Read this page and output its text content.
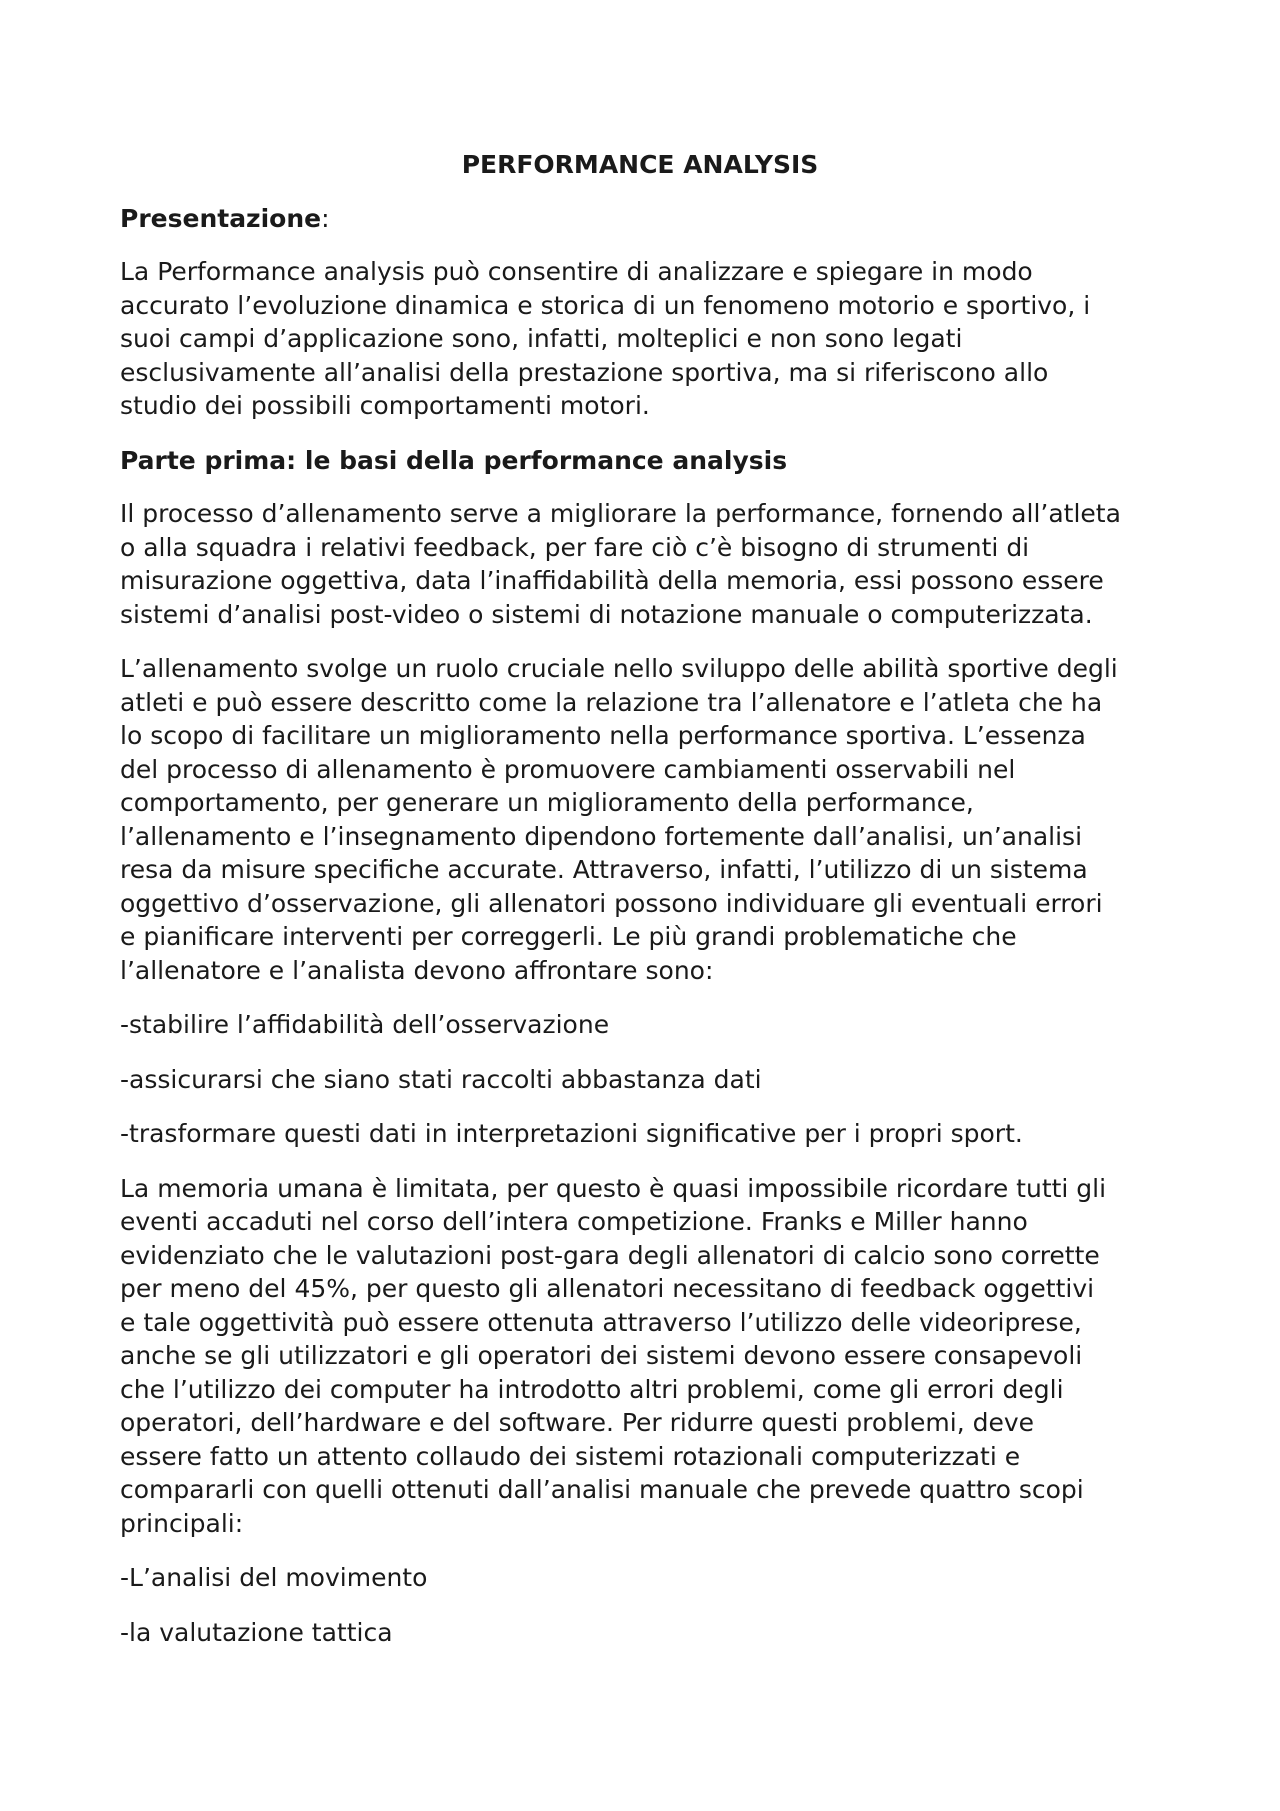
PERFORMANCE ANALYSIS
Presentazione:
La Performance analysis può consentire di analizzare e spiegare in modo
accurato l’evoluzione dinamica e storica di un fenomeno motorio e sportivo, i
suoi campi d’applicazione sono, infatti, molteplici e non sono legati
esclusivamente all’analisi della prestazione sportiva, ma si riferiscono allo
studio dei possibili comportamenti motori.
Parte prima: le basi della performance analysis
Il processo d’allenamento serve a migliorare la performance, fornendo all’atleta
o alla squadra i relativi feedback, per fare ciò c’è bisogno di strumenti di
misurazione oggettiva, data l’inaffidabilità della memoria, essi possono essere
sistemi d’analisi post-video o sistemi di notazione manuale o computerizzata.
L’allenamento svolge un ruolo cruciale nello sviluppo delle abilità sportive degli
atleti e può essere descritto come la relazione tra l’allenatore e l’atleta che ha
lo scopo di facilitare un miglioramento nella performance sportiva. L’essenza
del processo di allenamento è promuovere cambiamenti osservabili nel
comportamento, per generare un miglioramento della performance,
l’allenamento e l’insegnamento dipendono fortemente dall’analisi, un’analisi
resa da misure specifiche accurate. Attraverso, infatti, l’utilizzo di un sistema
oggettivo d’osservazione, gli allenatori possono individuare gli eventuali errori
e pianificare interventi per correggerli. Le più grandi problematiche che
l’allenatore e l’analista devono affrontare sono:
-stabilire l’affidabilità dell’osservazione
-assicurarsi che siano stati raccolti abbastanza dati
-trasformare questi dati in interpretazioni significative per i propri sport.
La memoria umana è limitata, per questo è quasi impossibile ricordare tutti gli
eventi accaduti nel corso dell’intera competizione. Franks e Miller hanno
evidenziato che le valutazioni post-gara degli allenatori di calcio sono corrette
per meno del 45%, per questo gli allenatori necessitano di feedback oggettivi
e tale oggettività può essere ottenuta attraverso l’utilizzo delle videoriprese,
anche se gli utilizzatori e gli operatori dei sistemi devono essere consapevoli
che l’utilizzo dei computer ha introdotto altri problemi, come gli errori degli
operatori, dell’hardware e del software. Per ridurre questi problemi, deve
essere fatto un attento collaudo dei sistemi rotazionali computerizzati e
compararli con quelli ottenuti dall’analisi manuale che prevede quattro scopi
principali:
-L’analisi del movimento
-la valutazione tattica
